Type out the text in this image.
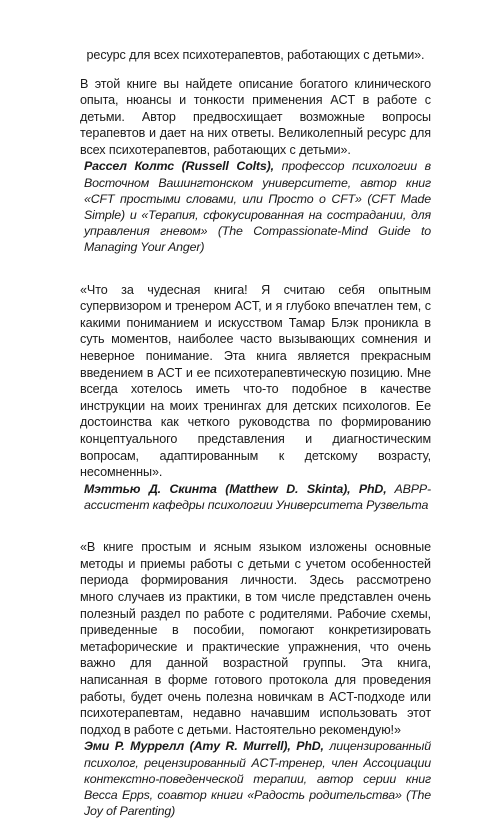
ресурс для всех психотерапевтов, работающих с детьми».

В этой книге вы найдете описание богатого клинического опыта, нюансы и тонкости применения ACT в работе с детьми. Автор предвосхищает возможные вопросы терапевтов и дает на них ответы. Великолепный ресурс для всех психотерапевтов, работающих с детьми».

Рассел Колтс (Russell Colts), профессор психологии в Восточном Вашингтонском университете, автор книг «CFT простыми словами, или Просто о CFT» (CFT Made Simple) и «Терапия, сфокусированная на сострадании, для управления гневом» (The Compassionate-Mind Guide to Managing Your Anger)

«Что за чудесная книга! Я считаю себя опытным супервизором и тренером ACT, и я глубоко впечатлен тем, с какими пониманием и искусством Тамар Блэк проникла в суть моментов, наиболее часто вызывающих сомнения и неверное понимание. Эта книга является прекрасным введением в ACT и ее психотерапевтическую позицию. Мне всегда хотелось иметь что-то подобное в качестве инструкции на моих тренингах для детских психологов. Ее достоинства как четкого руководства по формированию концептуального представления и диагностическим вопросам, адаптированным к детскому возрасту, несомненны».

Мэттью Д. Скинта (Matthew D. Skinta), PhD, ABPP-ассистент кафедры психологии Университета Рузвельта

«В книге простым и ясным языком изложены основные методы и приемы работы с детьми с учетом особенностей периода формирования личности. Здесь рассмотрено много случаев из практики, в том числе представлен очень полезный раздел по работе с родителями. Рабочие схемы, приведенные в пособии, помогают конкретизировать метафорические и практические упражнения, что очень важно для данной возрастной группы. Эта книга, написанная в форме готового протокола для проведения работы, будет очень полезна новичкам в ACT-подходе или психотерапевтам, недавно начавшим использовать этот подход в работе с детьми. Настоятельно рекомендую!»

Эми Р. Муррелл (Amy R. Murrell), PhD, лицензированный психолог, рецензированный ACT-тренер, член Ассоциации контекстно-поведенческой терапии, автор серии книг Весса Epps, соавтор книги «Радость родительства» (The Joy of Parenting)
